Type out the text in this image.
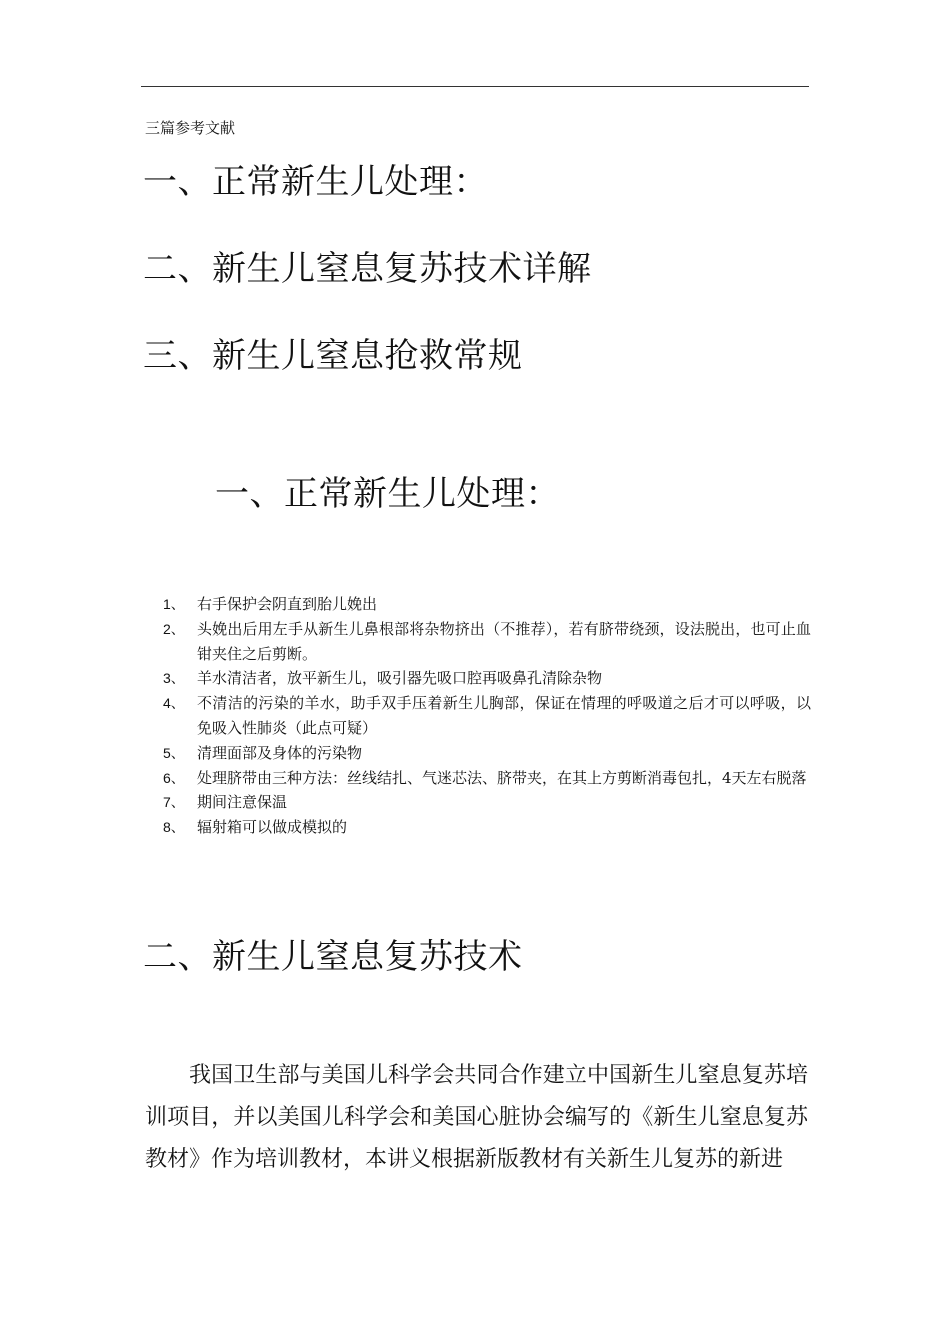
三篇参考文献
一、正常新生儿处理：
二、新生儿窒息复苏技术详解
三、新生儿窒息抢救常规
一、正常新生儿处理：
1、 右手保护会阴直到胎儿娩出
2、 头娩出后用左手从新生儿鼻根部将杂物挤出（不推荐），若有脐带绕颈，设法脱出，也可止血钳夹住之后剪断。
3、 羊水清洁者，放平新生儿，吸引器先吸口腔再吸鼻孔清除杂物
4、 不清洁的污染的羊水，助手双手压着新生儿胸部，保证在情理的呼吸道之后才可以呼吸，以免吸入性肺炎（此点可疑）
5、 清理面部及身体的污染物
6、 处理脐带由三种方法：丝线结扎、气迷芯法、脐带夹，在其上方剪断消毒包扎，4天左右脱落
7、 期间注意保温
8、 辐射箱可以做成模拟的
二、新生儿窒息复苏技术

我国卫生部与美国儿科学会共同合作建立中国新生儿窒息复苏培训项目，并以美国儿科学会和美国心脏协会编写的《新生儿窒息复苏教材》作为培训教材，本讲义根据新版教材有关新生儿复苏的新进
